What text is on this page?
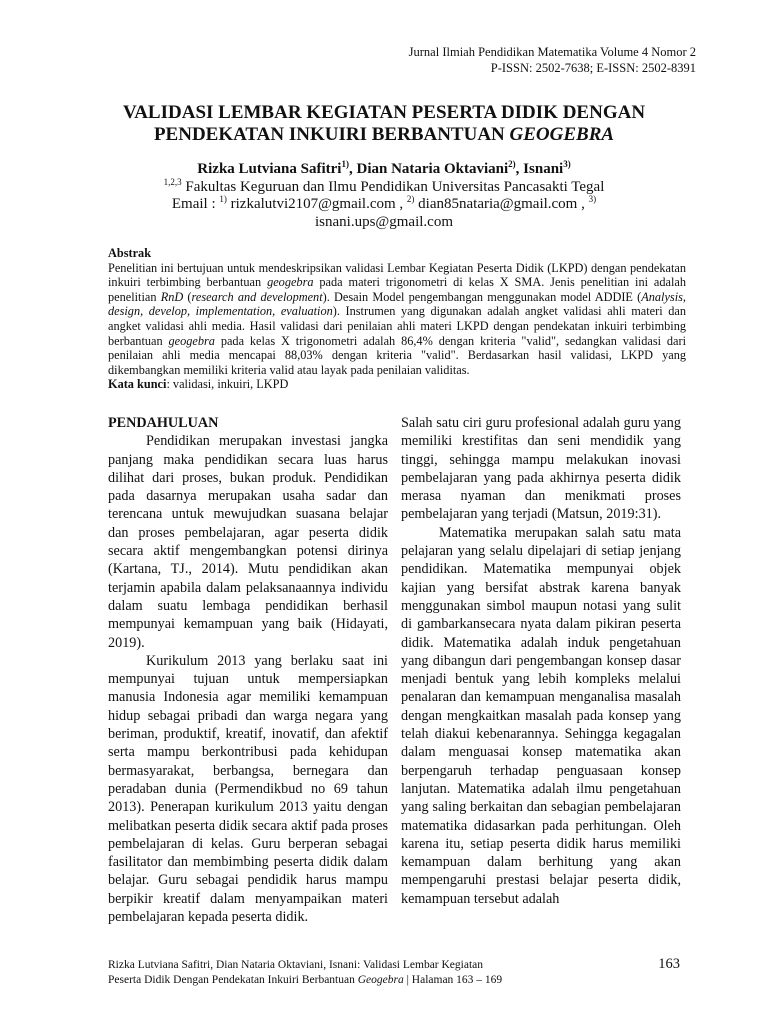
Jurnal Ilmiah Pendidikan Matematika Volume 4 Nomor 2
P-ISSN: 2502-7638; E-ISSN: 2502-8391
VALIDASI LEMBAR KEGIATAN PESERTA DIDIK DENGAN
PENDEKATAN INKUIRI BERBANTUAN GEOGEBRA
Rizka Lutviana Safitri$^{1)}$, Dian Nataria Oktaviani$^{2)}$, Isnani$^{3)}$
$^{1,2,3}$ Fakultas Keguruan dan Ilmu Pendidikan Universitas Pancasakti Tegal
Email : $^{1)}$ rizkalutvi2107@gmail.com , $^{2)}$ dian85nataria@gmail.com , $^{3)}$
isnani.ups@gmail.com
Abstrak
Penelitian ini bertujuan untuk mendeskripsikan validasi Lembar Kegiatan Peserta Didik (LKPD) dengan pendekatan inkuiri terbimbing berbantuan geogebra pada materi trigonometri di kelas X SMA. Jenis penelitian ini adalah penelitian RnD (research and development). Desain Model pengembangan menggunakan model ADDIE (Analysis, design, develop, implementation, evaluation). Instrumen yang digunakan adalah angket validasi ahli materi dan angket validasi ahli media. Hasil validasi dari penilaian ahli materi LKPD dengan pendekatan inkuiri terbimbing berbantuan geogebra pada kelas X trigonometri adalah 86,4% dengan kriteria "valid", sedangkan validasi dari penilaian ahli media mencapai 88,03% dengan kriteria "valid". Berdasarkan hasil validasi, LKPD yang dikembangkan memiliki kriteria valid atau layak pada penilaian validitas.
Kata kunci: validasi, inkuiri, LKPD
PENDAHULUAN

Pendidikan merupakan investasi jangka panjang maka pendidikan secara luas harus dilihat dari proses, bukan produk. Pendidikan pada dasarnya merupakan usaha sadar dan terencana untuk mewujudkan suasana belajar dan proses pembelajaran, agar peserta didik secara aktif mengembangkan potensi dirinya (Kartana, TJ., 2014). Mutu pendidikan akan terjamin apabila dalam pelaksanaannya individu dalam suatu lembaga pendidikan berhasil mempunyai kemampuan yang baik (Hidayati, 2019).

Kurikulum 2013 yang berlaku saat ini mempunyai tujuan untuk mempersiapkan manusia Indonesia agar memiliki kemampuan hidup sebagai pribadi dan warga negara yang beriman, produktif, kreatif, inovatif, dan afektif serta mampu berkontribusi pada kehidupan bermasyarakat, berbangsa, bernegara dan peradaban dunia (Permendikbud no 69 tahun 2013). Penerapan kurikulum 2013 yaitu dengan melibatkan peserta didik secara aktif pada proses pembelajaran di kelas. Guru berperan sebagai fasilitator dan membimbing peserta didik dalam belajar. Guru sebagai pendidik harus mampu berpikir kreatif dalam menyampaikan materi pembelajaran kepada peserta didik.

Salah satu ciri guru profesional adalah guru yang memiliki krestifitas dan seni mendidik yang tinggi, sehingga mampu melakukan inovasi pembelajaran yang pada akhirnya peserta didik merasa nyaman dan menikmati proses pembelajaran yang terjadi (Matsun, 2019:31).

Matematika merupakan salah satu mata pelajaran yang selalu dipelajari di setiap jenjang pendidikan. Matematika mempunyai objek kajian yang bersifat abstrak karena banyak menggunakan simbol maupun notasi yang sulit di gambarkansecara nyata dalam pikiran peserta didik. Matematika adalah induk pengetahuan yang dibangun dari pengembangan konsep dasar menjadi bentuk yang lebih kompleks melalui penalaran dan kemampuan menganalisa masalah dengan mengkaitkan masalah pada konsep yang telah diakui kebenarannya. Sehingga kegagalan dalam menguasai konsep matematika akan berpengaruh terhadap penguasaan konsep lanjutan. Matematika adalah ilmu pengetahuan yang saling berkaitan dan sebagian pembelajaran matematika didasarkan pada perhitungan. Oleh karena itu, setiap peserta didik harus memiliki kemampuan dalam berhitung yang akan mempengaruhi prestasi belajar peserta didik, kemampuan tersebut adalah

Rizka Lutviana Safitri, Dian Nataria Oktaviani, Isnani: Validasi Lembar Kegiatan
Peserta Didik Dengan Pendekatan Inkuiri Berbantuan Geogebra | Halaman 163 – 169
163
